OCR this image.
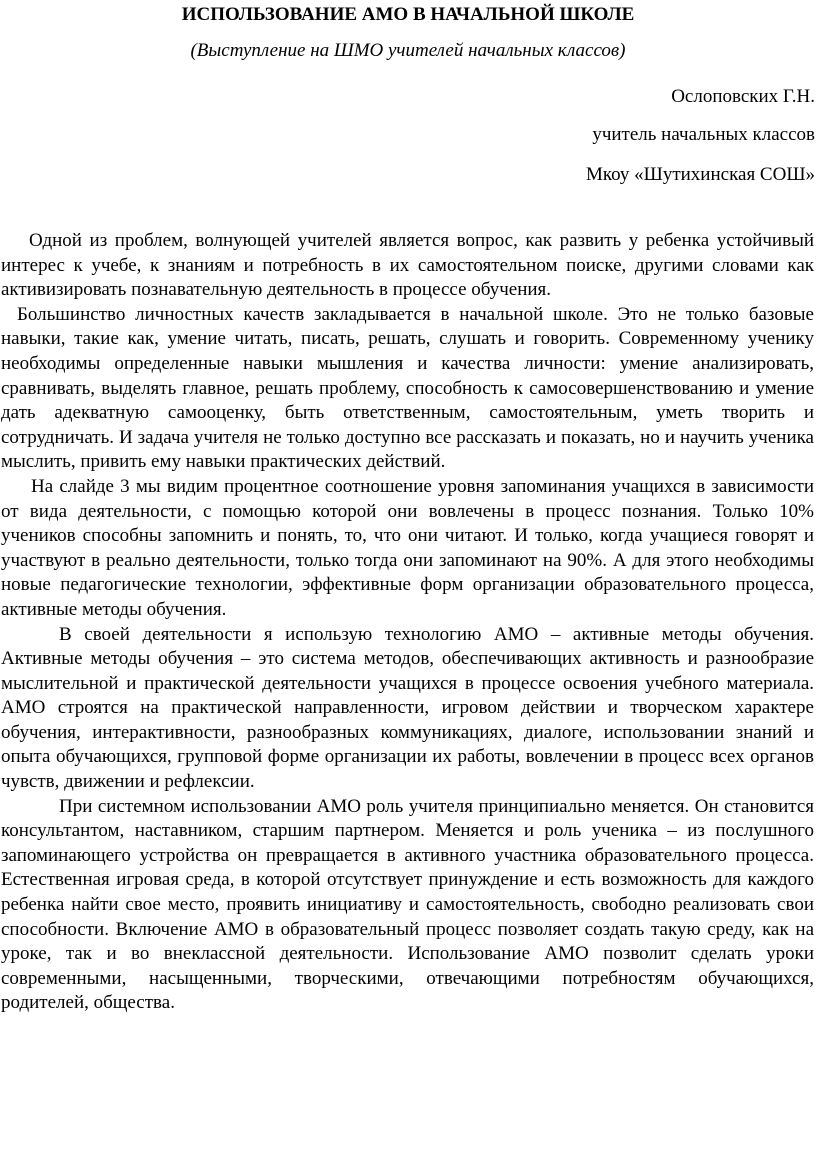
ИСПОЛЬЗОВАНИЕ АМО В НАЧАЛЬНОЙ ШКОЛЕ

(Выступление на ШМО учителей начальных классов)

Ослоповских Г.Н.

учитель начальных классов

Мкоу «Шутихинская СОШ»

Одной из проблем, волнующей учителей является вопрос, как развить у ребенка устойчивый интерес к учебе, к знаниям и потребность в их самостоятельном поиске, другими словами как активизировать познавательную деятельность в процессе обучения.

Большинство личностных качеств закладывается в начальной школе. Это не только базовые навыки, такие как, умение читать, писать, решать, слушать и говорить. Современному ученику необходимы определенные навыки мышления и качества личности: умение анализировать, сравнивать, выделять главное, решать проблему, способность к самосовершенствованию и умение дать адекватную самооценку, быть ответственным, самостоятельным, уметь творить и сотрудничать. И задача учителя не только доступно все рассказать и показать, но и научить ученика мыслить, привить ему навыки практических действий.

На слайде 3 мы видим процентное соотношение уровня запоминания учащихся в зависимости от вида деятельности, с помощью которой они вовлечены в процесс познания. Только 10% учеников способны запомнить и понять, то, что они читают. И только, когда учащиеся говорят и участвуют в реально деятельности, только тогда они запоминают на 90%. А для этого необходимы новые педагогические технологии, эффективные форм организации образовательного процесса, активные методы обучения.

В своей деятельности я использую технологию АМО – активные методы обучения. Активные методы обучения – это система методов, обеспечивающих активность и разнообразие мыслительной и практической деятельности учащихся в процессе освоения учебного материала. АМО строятся на практической направленности, игровом действии и творческом характере обучения, интерактивности, разнообразных коммуникациях, диалоге, использовании знаний и опыта обучающихся, групповой форме организации их работы, вовлечении в процесс всех органов чувств, движении и рефлексии.

При системном использовании АМО роль учителя принципиально меняется. Он становится консультантом, наставником, старшим партнером. Меняется и роль ученика – из послушного запоминающего устройства он превращается в активного участника образовательного процесса. Естественная игровая среда, в которой отсутствует принуждение и есть возможность для каждого ребенка найти свое место, проявить инициативу и самостоятельность, свободно реализовать свои способности. Включение АМО в образовательный процесс позволяет создать такую среду, как на уроке, так и во внеклассной деятельности. Использование АМО позволит сделать уроки современными, насыщенными, творческими, отвечающими потребностям обучающихся, родителей, общества.
